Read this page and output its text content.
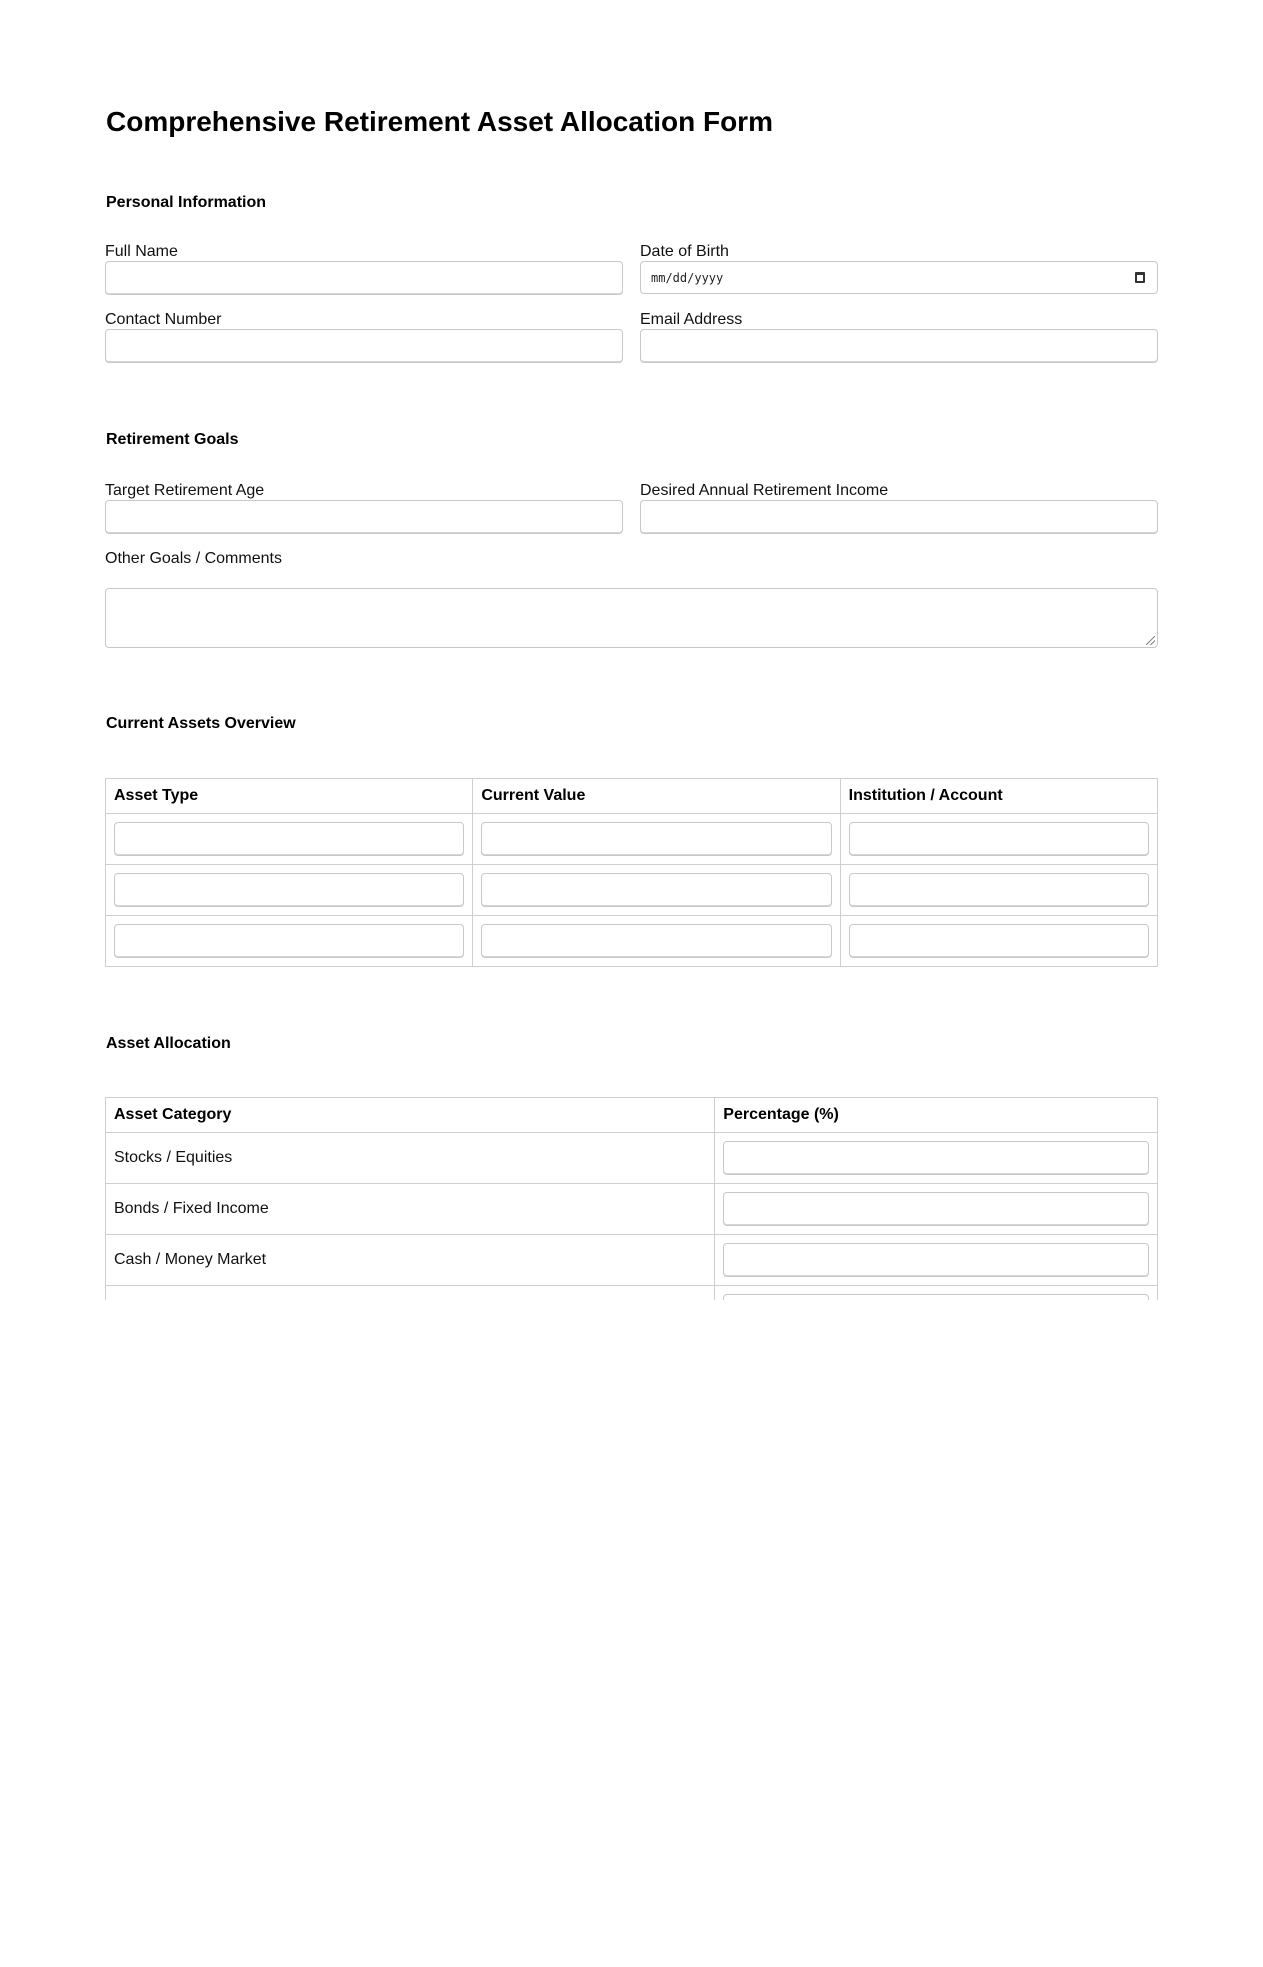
Comprehensive Retirement Asset Allocation Form
Personal Information
Full Name	Date of Birth
mm/dd/yyyy
Contact Number	Email Address
Retirement Goals
Target Retirement Age	Desired Annual Retirement Income
Other Goals / Comments
Current Assets Overview
Asset Type	Current Value	Institution / Account

Asset Allocation
Asset Category	Percentage (%)
Stocks / Equities	

Bonds / Fixed Income	

Cash / Money Market	
